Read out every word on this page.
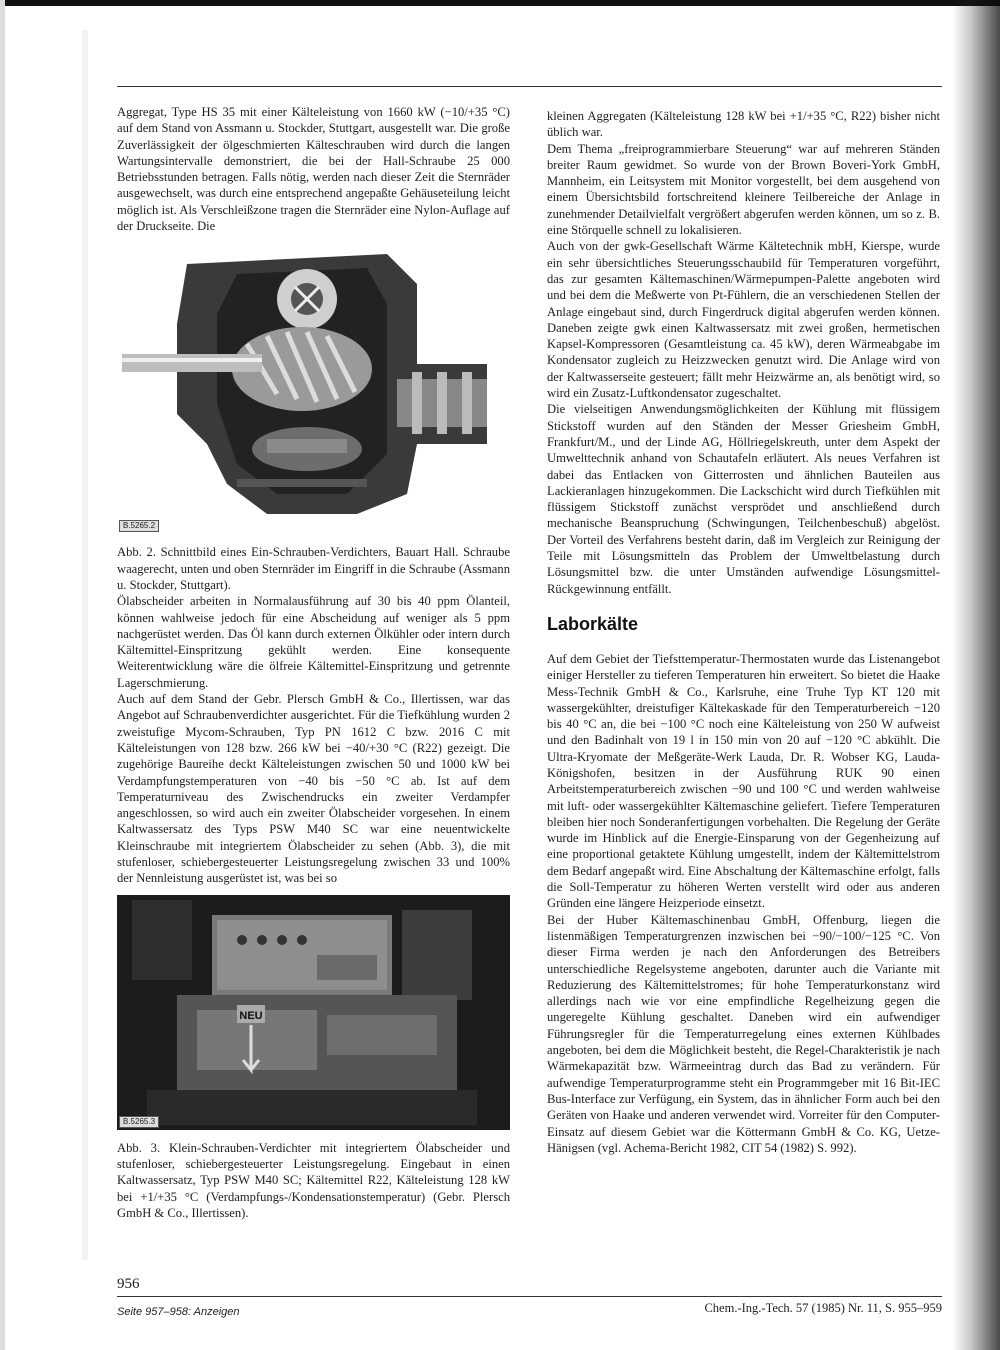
Aggregat, Type HS 35 mit einer Kälteleistung von 1660 kW (−10/+35 °C) auf dem Stand von Assmann u. Stockder, Stuttgart, ausgestellt war. Die große Zuverlässigkeit der ölgeschmierten Kälteschrauben wird durch die langen Wartungsintervalle demonstriert, die bei der Hall-Schraube 25 000 Betriebsstunden betragen. Falls nötig, werden nach dieser Zeit die Sternräder ausgewechselt, was durch eine entsprechend angepaßte Gehäuseteilung leicht möglich ist. Als Verschleißzone tragen die Sternräder eine Nylon-Auflage auf der Druckseite. Die

B.5265.2

Abb. 2. Schnittbild eines Ein-Schrauben-Verdichters, Bauart Hall. Schraube waagerecht, unten und oben Sternräder im Eingriff in die Schraube (Assmann u. Stockder, Stuttgart).

Ölabscheider arbeiten in Normalausführung auf 30 bis 40 ppm Ölanteil, können wahlweise jedoch für eine Abscheidung auf weniger als 5 ppm nachgerüstet werden. Das Öl kann durch externen Ölkühler oder intern durch Kältemittel-Einspritzung gekühlt werden. Eine konsequente Weiterentwicklung wäre die ölfreie Kältemittel-Einspritzung und getrennte Lagerschmierung.

Auch auf dem Stand der Gebr. Plersch GmbH & Co., Illertissen, war das Angebot auf Schraubenverdichter ausgerichtet. Für die Tiefkühlung wurden 2 zweistufige Mycom-Schrauben, Typ PN 1612 C bzw. 2016 C mit Kälteleistungen von 128 bzw. 266 kW bei −40/+30 °C (R22) gezeigt. Die zugehörige Baureihe deckt Kälteleistungen zwischen 50 und 1000 kW bei Verdampfungstemperaturen von −40 bis −50 °C ab. Ist auf dem Temperaturniveau des Zwischendrucks ein zweiter Verdampfer angeschlossen, so wird auch ein zweiter Ölabscheider vorgesehen. In einem Kaltwassersatz des Typs PSW M40 SC war eine neuentwickelte Kleinschraube mit integriertem Ölabscheider zu sehen (Abb. 3), die mit stufenloser, schiebergesteuerter Leistungsregelung zwischen 33 und 100% der Nennleistung ausgerüstet ist, was bei so

NEU
B.5265.3

Abb. 3. Klein-Schrauben-Verdichter mit integriertem Ölabscheider und stufenloser, schiebergesteuerter Leistungsregelung. Eingebaut in einen Kaltwassersatz, Typ PSW M40 SC; Kältemittel R22, Kälteleistung 128 kW bei +1/+35 °C (Verdampfungs-/Kondensationstemperatur) (Gebr. Plersch GmbH & Co., Illertissen).

kleinen Aggregaten (Kälteleistung 128 kW bei +1/+35 °C, R22) bisher nicht üblich war.

Dem Thema „freiprogrammierbare Steuerung“ war auf mehreren Ständen breiter Raum gewidmet. So wurde von der Brown Boveri-York GmbH, Mannheim, ein Leitsystem mit Monitor vorgestellt, bei dem ausgehend von einem Übersichtsbild fortschreitend kleinere Teilbereiche der Anlage in zunehmender Detailvielfalt vergrößert abgerufen werden können, um so z. B. eine Störquelle schnell zu lokalisieren.

Auch von der gwk-Gesellschaft Wärme Kältetechnik mbH, Kierspe, wurde ein sehr übersichtliches Steuerungsschaubild für Temperaturen vorgeführt, das zur gesamten Kältemaschinen/Wärmepumpen-Palette angeboten wird und bei dem die Meßwerte von Pt-Fühlern, die an verschiedenen Stellen der Anlage eingebaut sind, durch Fingerdruck digital abgerufen werden können. Daneben zeigte gwk einen Kaltwassersatz mit zwei großen, hermetischen Kapsel-Kompressoren (Gesamtleistung ca. 45 kW), deren Wärmeabgabe im Kondensator zugleich zu Heizzwecken genutzt wird. Die Anlage wird von der Kaltwasserseite gesteuert; fällt mehr Heizwärme an, als benötigt wird, so wird ein Zusatz-Luftkondensator zugeschaltet.

Die vielseitigen Anwendungsmöglichkeiten der Kühlung mit flüssigem Stickstoff wurden auf den Ständen der Messer Griesheim GmbH, Frankfurt/M., und der Linde AG, Höllriegelskreuth, unter dem Aspekt der Umwelttechnik anhand von Schautafeln erläutert. Als neues Verfahren ist dabei das Entlacken von Gitterrosten und ähnlichen Bauteilen aus Lackieranlagen hinzugekommen. Die Lackschicht wird durch Tiefkühlen mit flüssigem Stickstoff zunächst versprödet und anschließend durch mechanische Beanspruchung (Schwingungen, Teilchenbeschuß) abgelöst. Der Vorteil des Verfahrens besteht darin, daß im Vergleich zur Reinigung der Teile mit Lösungsmitteln das Problem der Umweltbelastung durch Lösungsmittel bzw. die unter Umständen aufwendige Lösungsmittel-Rückgewinnung entfällt.

Laborkälte

Auf dem Gebiet der Tiefsttemperatur-Thermostaten wurde das Listenangebot einiger Hersteller zu tieferen Temperaturen hin erweitert. So bietet die Haake Mess-Technik GmbH & Co., Karlsruhe, eine Truhe Typ KT 120 mit wassergekühlter, dreistufiger Kältekaskade für den Temperaturbereich −120 bis 40 °C an, die bei −100 °C noch eine Kälteleistung von 250 W aufweist und den Badinhalt von 19 l in 150 min von 20 auf −120 °C abkühlt. Die Ultra-Kryomate der Meßgeräte-Werk Lauda, Dr. R. Wobser KG, Lauda-Königshofen, besitzen in der Ausführung RUK 90 einen Arbeitstemperaturbereich zwischen −90 und 100 °C und werden wahlweise mit luft- oder wassergekühlter Kältemaschine geliefert. Tiefere Temperaturen bleiben hier noch Sonderanfertigungen vorbehalten. Die Regelung der Geräte wurde im Hinblick auf die Energie-Einsparung von der Gegenheizung auf eine proportional getaktete Kühlung umgestellt, indem der Kältemittelstrom dem Bedarf angepaßt wird. Eine Abschaltung der Kältemaschine erfolgt, falls die Soll-Temperatur zu höheren Werten verstellt wird oder aus anderen Gründen eine längere Heizperiode einsetzt.

Bei der Huber Kältemaschinenbau GmbH, Offenburg, liegen die listenmäßigen Temperaturgrenzen inzwischen bei −90/−100/−125 °C. Von dieser Firma werden je nach den Anforderungen des Betreibers unterschiedliche Regelsysteme angeboten, darunter auch die Variante mit Reduzierung des Kältemittelstromes; für hohe Temperaturkonstanz wird allerdings nach wie vor eine empfindliche Regelheizung gegen die ungeregelte Kühlung geschaltet. Daneben wird ein aufwendiger Führungsregler für die Temperaturregelung eines externen Kühlbades angeboten, bei dem die Möglichkeit besteht, die Regel-Charakteristik je nach Wärmekapazität bzw. Wärmeeintrag durch das Bad zu verändern. Für aufwendige Temperaturprogramme steht ein Programmgeber mit 16 Bit-IEC Bus-Interface zur Verfügung, ein System, das in ähnlicher Form auch bei den Geräten von Haake und anderen verwendet wird. Vorreiter für den Computer-Einsatz auf diesem Gebiet war die Köttermann GmbH & Co. KG, Uetze-Hänigsen (vgl. Achema-Bericht 1982, CIT 54 (1982) S. 992).

956
Seite 957–958: Anzeigen	Chem.-Ing.-Tech. 57 (1985) Nr. 11, S. 955–959
